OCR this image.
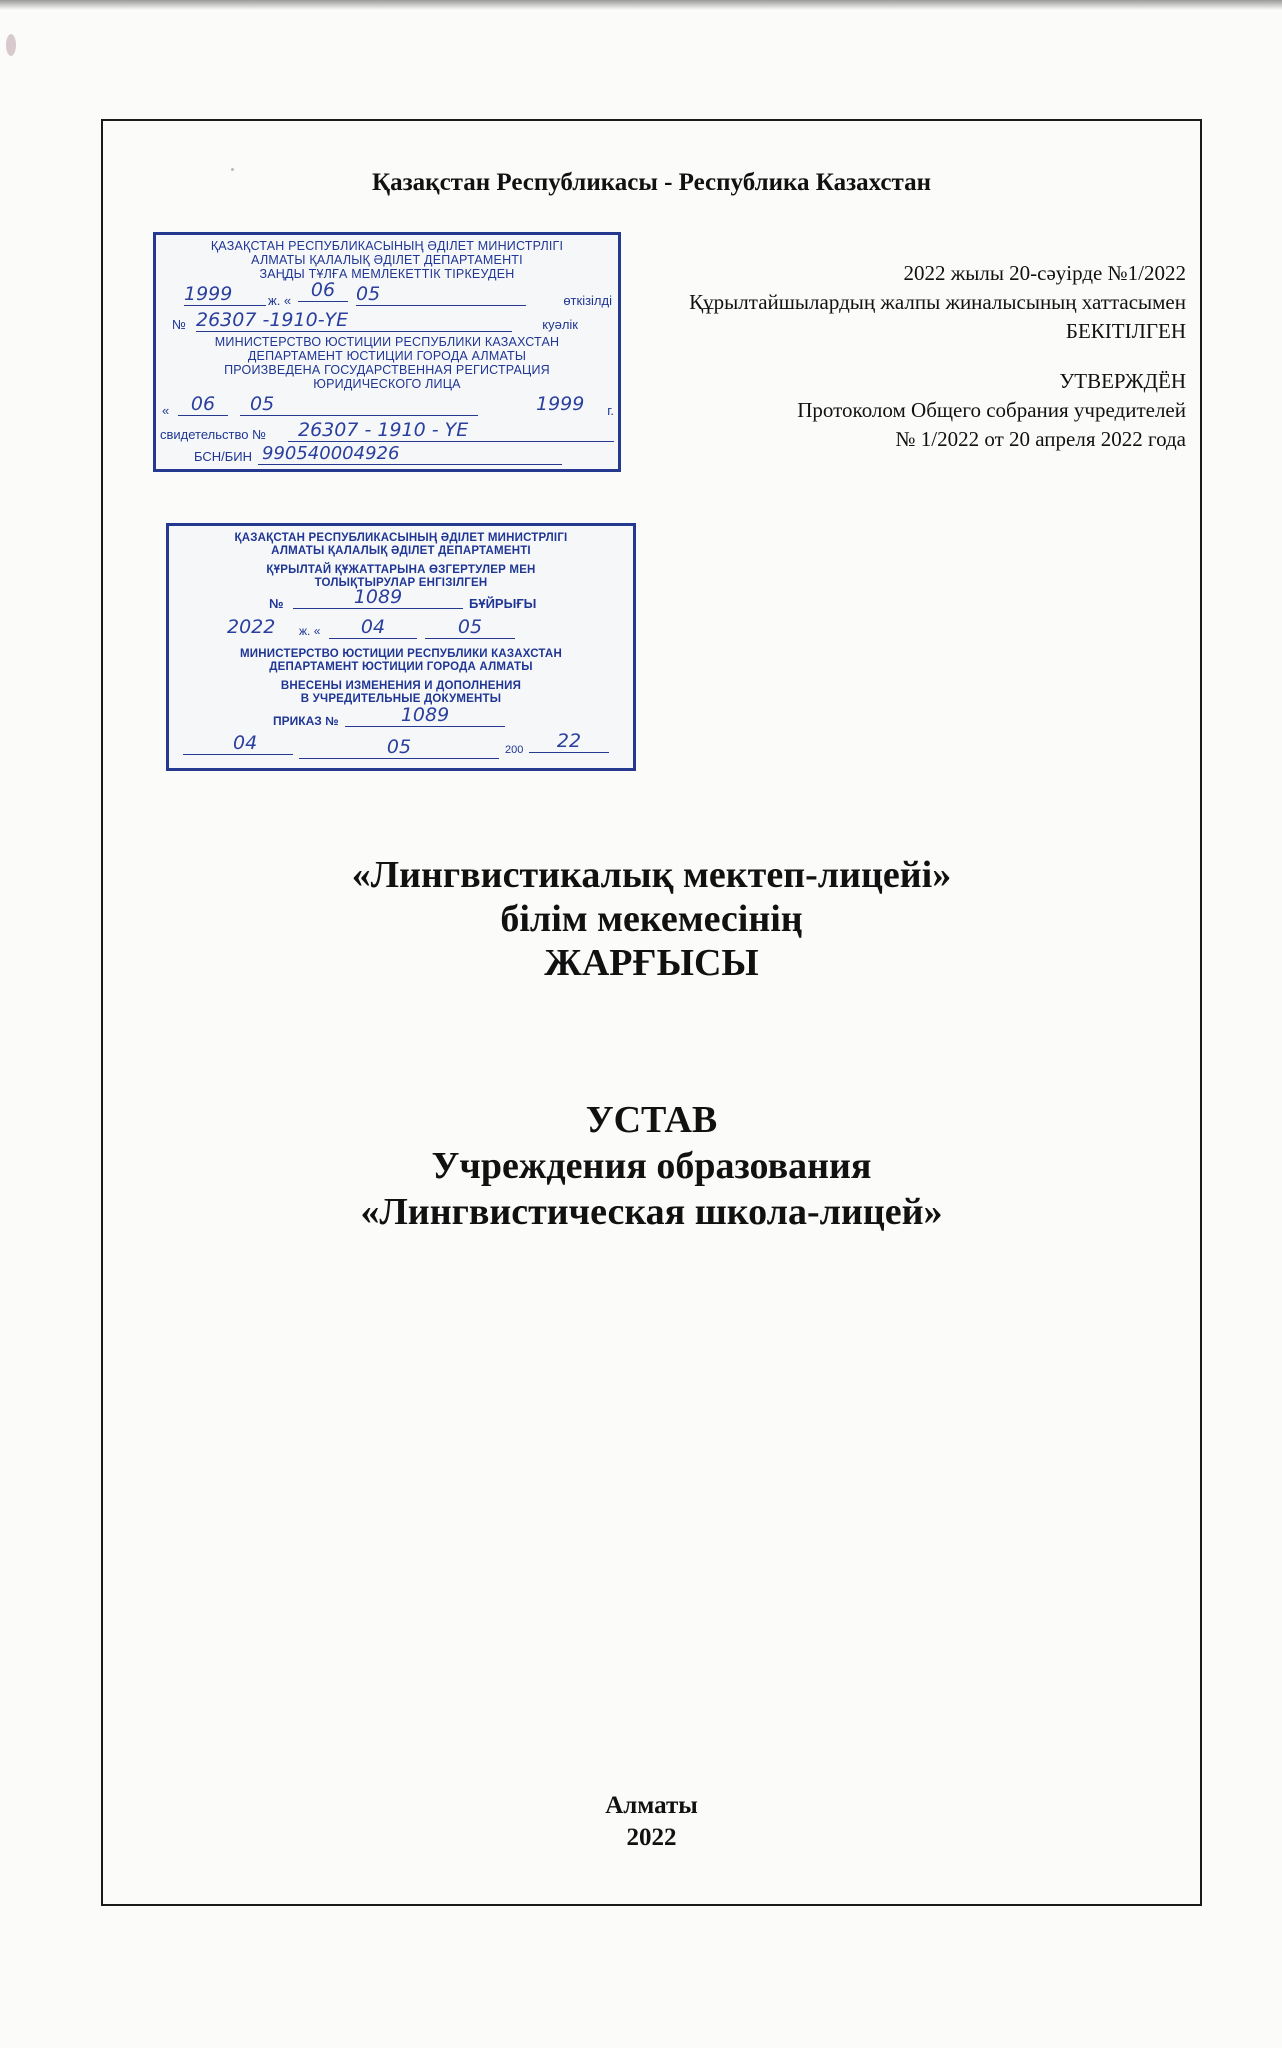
Қазақстан Республикасы - Республика Казахстан
ҚАЗАҚСТАН РЕСПУБЛИКАСЫНЫҢ ӘДІЛЕТ МИНИСТРЛІГІ
АЛМАТЫ ҚАЛАЛЫҚ ӘДІЛЕТ ДЕПАРТАМЕНТІ
ЗАҢДЫ ТҰЛҒА МЕМЛЕКЕТТІК ТІРКЕУДЕН
1999	ж. «	06	05	өткізілді
№ 26307 -1910-ҮЕ	куәлік
МИНИСТЕРСТВО ЮСТИЦИИ РЕСПУБЛИКИ КАЗАХСТАН
ДЕПАРТАМЕНТ ЮСТИЦИИ ГОРОДА АЛМАТЫ
ПРОИЗВЕДЕНА ГОСУДАРСТВЕННАЯ РЕГИСТРАЦИЯ
ЮРИДИЧЕСКОГО ЛИЦА
«	06	05	1999 г.
свидетельство №	26307 - 1910 - ҮЕ
БСН/БИН 990540004926
ҚАЗАҚСТАН РЕСПУБЛИКАСЫНЫҢ ӘДІЛЕТ МИНИСТРЛІГІ
АЛМАТЫ ҚАЛАЛЫҚ ӘДІЛЕТ ДЕПАРТАМЕНТІ
ҚҰРЫЛТАЙ ҚҰЖАТТАРЫНА ӨЗГЕРТУЛЕР МЕН
ТОЛЫҚТЫРУЛАР ЕНГІЗІЛГЕН
№	1089	БҰЙРЫҒЫ
2022 ж. «	04	05
МИНИСТЕРСТВО ЮСТИЦИИ РЕСПУБЛИКИ КАЗАХСТАН
ДЕПАРТАМЕНТ ЮСТИЦИИ ГОРОДА АЛМАТЫ
ВНЕСЕНЫ ИЗМЕНЕНИЯ И ДОПОЛНЕНИЯ
В УЧРЕДИТЕЛЬНЫЕ ДОКУМЕНТЫ
ПРИКАЗ №	1089
04	05	200	22
2022 жылы 20-сәуірде №1/2022
Құрылтайшылардың жалпы жиналысының хаттасымен
БЕКІТІЛГЕН
УТВЕРЖДЁН
Протоколом Общего собрания учредителей
№ 1/2022 от 20 апреля 2022 года
«Лингвистикалық мектеп-лицейі»
білім мекемесінің
ЖАРҒЫСЫ
УСТАВ
Учреждения образования
«Лингвистическая школа-лицей»
Алматы
2022
